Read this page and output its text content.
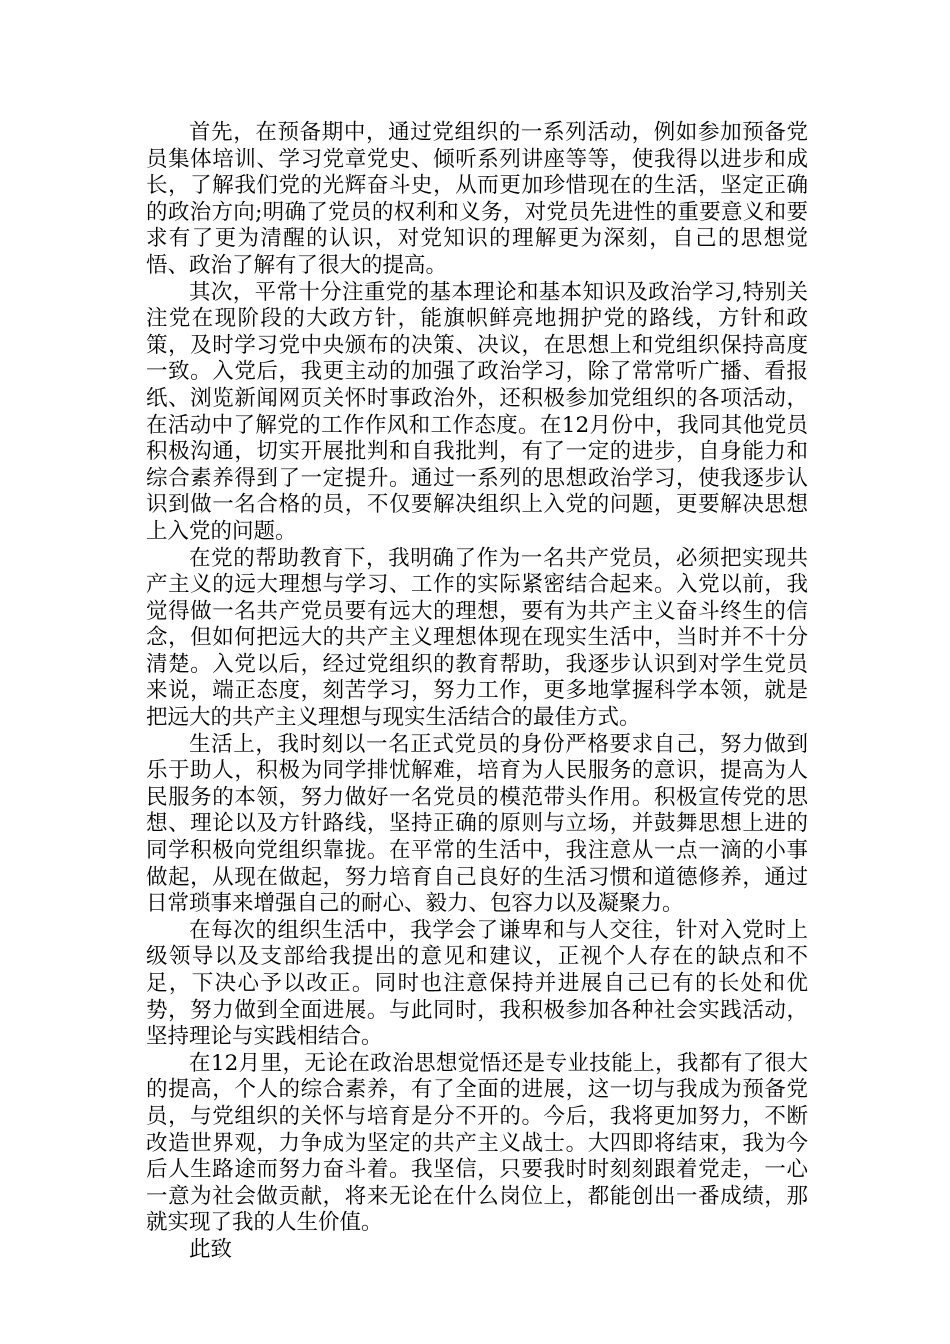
首先，在预备期中，通过党组织的一系列活动，例如参加预备党员集体培训、学习党章党史、倾听系列讲座等等，使我得以进步和成长，了解我们党的光辉奋斗史，从而更加珍惜现在的生活，坚定正确的政治方向;明确了党员的权利和义务，对党员先进性的重要意义和要求有了更为清醒的认识，对党知识的理解更为深刻，自己的思想觉悟、政治了解有了很大的提高。

其次，平常十分注重党的基本理论和基本知识及政治学习,特别关注党在现阶段的大政方针，能旗帜鲜亮地拥护党的路线，方针和政策，及时学习党中央颁布的决策、决议，在思想上和党组织保持高度一致。入党后，我更主动的加强了政治学习，除了常常听广播、看报纸、浏览新闻网页关怀时事政治外，还积极参加党组织的各项活动，在活动中了解党的工作作风和工作态度。在12月份中，我同其他党员积极沟通，切实开展批判和自我批判，有了一定的进步，自身能力和综合素养得到了一定提升。通过一系列的思想政治学习，使我逐步认识到做一名合格的员，不仅要解决组织上入党的问题，更要解决思想上入党的问题。

在党的帮助教育下，我明确了作为一名共产党员，必须把实现共产主义的远大理想与学习、工作的实际紧密结合起来。入党以前，我觉得做一名共产党员要有远大的理想，要有为共产主义奋斗终生的信念，但如何把远大的共产主义理想体现在现实生活中，当时并不十分清楚。入党以后，经过党组织的教育帮助，我逐步认识到对学生党员来说，端正态度，刻苦学习，努力工作，更多地掌握科学本领，就是把远大的共产主义理想与现实生活结合的最佳方式。

生活上，我时刻以一名正式党员的身份严格要求自己，努力做到乐于助人，积极为同学排忧解难，培育为人民服务的意识，提高为人民服务的本领，努力做好一名党员的模范带头作用。积极宣传党的思想、理论以及方针路线，坚持正确的原则与立场，并鼓舞思想上进的同学积极向党组织靠拢。在平常的生活中，我注意从一点一滴的小事做起，从现在做起，努力培育自己良好的生活习惯和道德修养，通过日常琐事来增强自己的耐心、毅力、包容力以及凝聚力。

在每次的组织生活中，我学会了谦卑和与人交往，针对入党时上级领导以及支部给我提出的意见和建议，正视个人存在的缺点和不足，下决心予以改正。同时也注意保持并进展自己已有的长处和优势，努力做到全面进展。与此同时，我积极参加各种社会实践活动，坚持理论与实践相结合。

在12月里，无论在政治思想觉悟还是专业技能上，我都有了很大的提高，个人的综合素养，有了全面的进展，这一切与我成为预备党员，与党组织的关怀与培育是分不开的。今后，我将更加努力，不断改造世界观，力争成为坚定的共产主义战士。大四即将结束，我为今后人生路途而努力奋斗着。我坚信，只要我时时刻刻跟着党走，一心一意为社会做贡献，将来无论在什么岗位上，都能创出一番成绩，那就实现了我的人生价值。

此致
